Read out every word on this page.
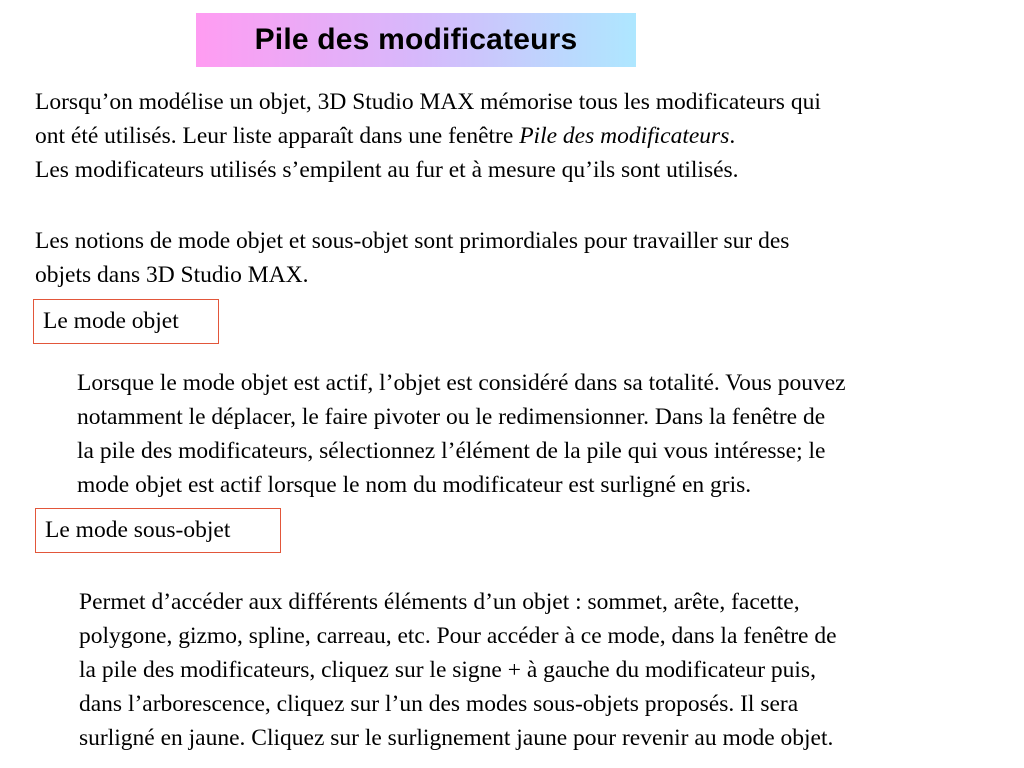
Pile des modificateurs

Lorsqu’on modélise un objet, 3D Studio MAX mémorise tous les modificateurs qui
ont été utilisés. Leur liste apparaît dans une fenêtre Pile des modificateurs.
Les modificateurs utilisés s’empilent au fur et à mesure qu’ils sont utilisés.

Les notions de mode objet et sous-objet sont primordiales pour travailler sur des
objets dans 3D Studio MAX.

Le mode objet

Lorsque le mode objet est actif, l’objet est considéré dans sa totalité. Vous pouvez
notamment le déplacer, le faire pivoter ou le redimensionner. Dans la fenêtre de
la pile des modificateurs, sélectionnez l’élément de la pile qui vous intéresse; le
mode objet est actif lorsque le nom du modificateur est surligné en gris.

Le mode sous-objet

Permet d’accéder aux différents éléments d’un objet : sommet, arête, facette,
polygone, gizmo, spline, carreau, etc. Pour accéder à ce mode, dans la fenêtre de
la pile des modificateurs, cliquez sur le signe + à gauche du modificateur puis,
dans l’arborescence, cliquez sur l’un des modes sous-objets proposés. Il sera
surligné en jaune. Cliquez sur le surlignement jaune pour revenir au mode objet.
